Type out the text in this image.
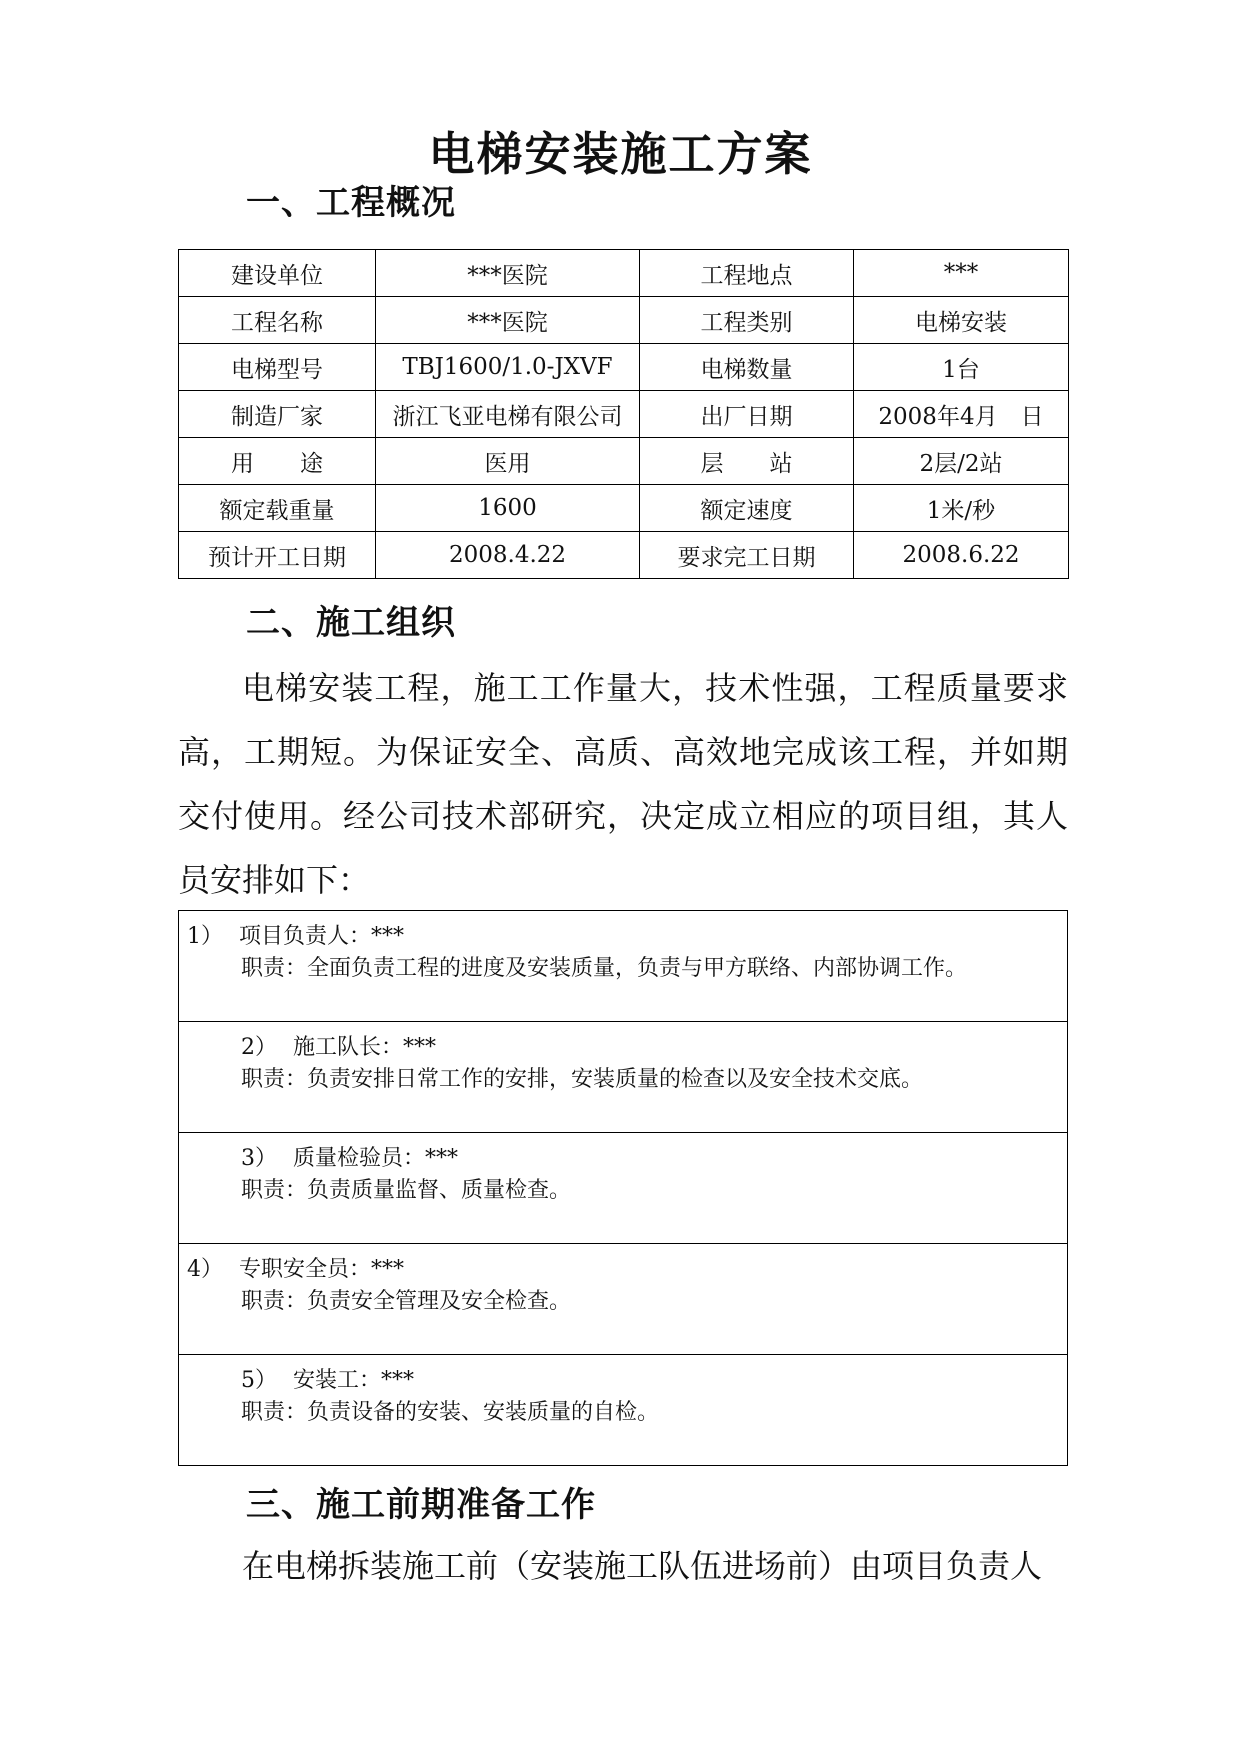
电梯安装施工方案
一、工程概况
建设单位	***医院	工程地点	***
工程名称	***医院	工程类别	电梯安装
电梯型号	TBJ1600/1.0-JXVF	电梯数量	1台
制造厂家	浙江飞亚电梯有限公司	出厂日期	2008年4月　日
用　　途	医用	层　　站	2层/2站
额定载重量	1600	额定速度	1米/秒
预计开工日期	2008.4.22	要求完工日期	2008.6.22
二、施工组织

电梯安装工程，施工工作量大，技术性强，工程质量要求高，工期短。为保证安全、高质、高效地完成该工程，并如期交付使用。经公司技术部研究，决定成立相应的项目组，其人员安排如下：

1） 项目负责人：***
职责：全面负责工程的进度及安装质量，负责与甲方联络、内部协调工作。

2） 施工队长：***
职责：负责安排日常工作的安排，安装质量的检查以及安全技术交底。

3） 质量检验员：***
职责：负责质量监督、质量检查。

4） 专职安全员：***
职责：负责安全管理及安全检查。

5） 安装工：***
职责：负责设备的安装、安装质量的自检。
三、施工前期准备工作

在电梯拆装施工前（安装施工队伍进场前）由项目负责人
